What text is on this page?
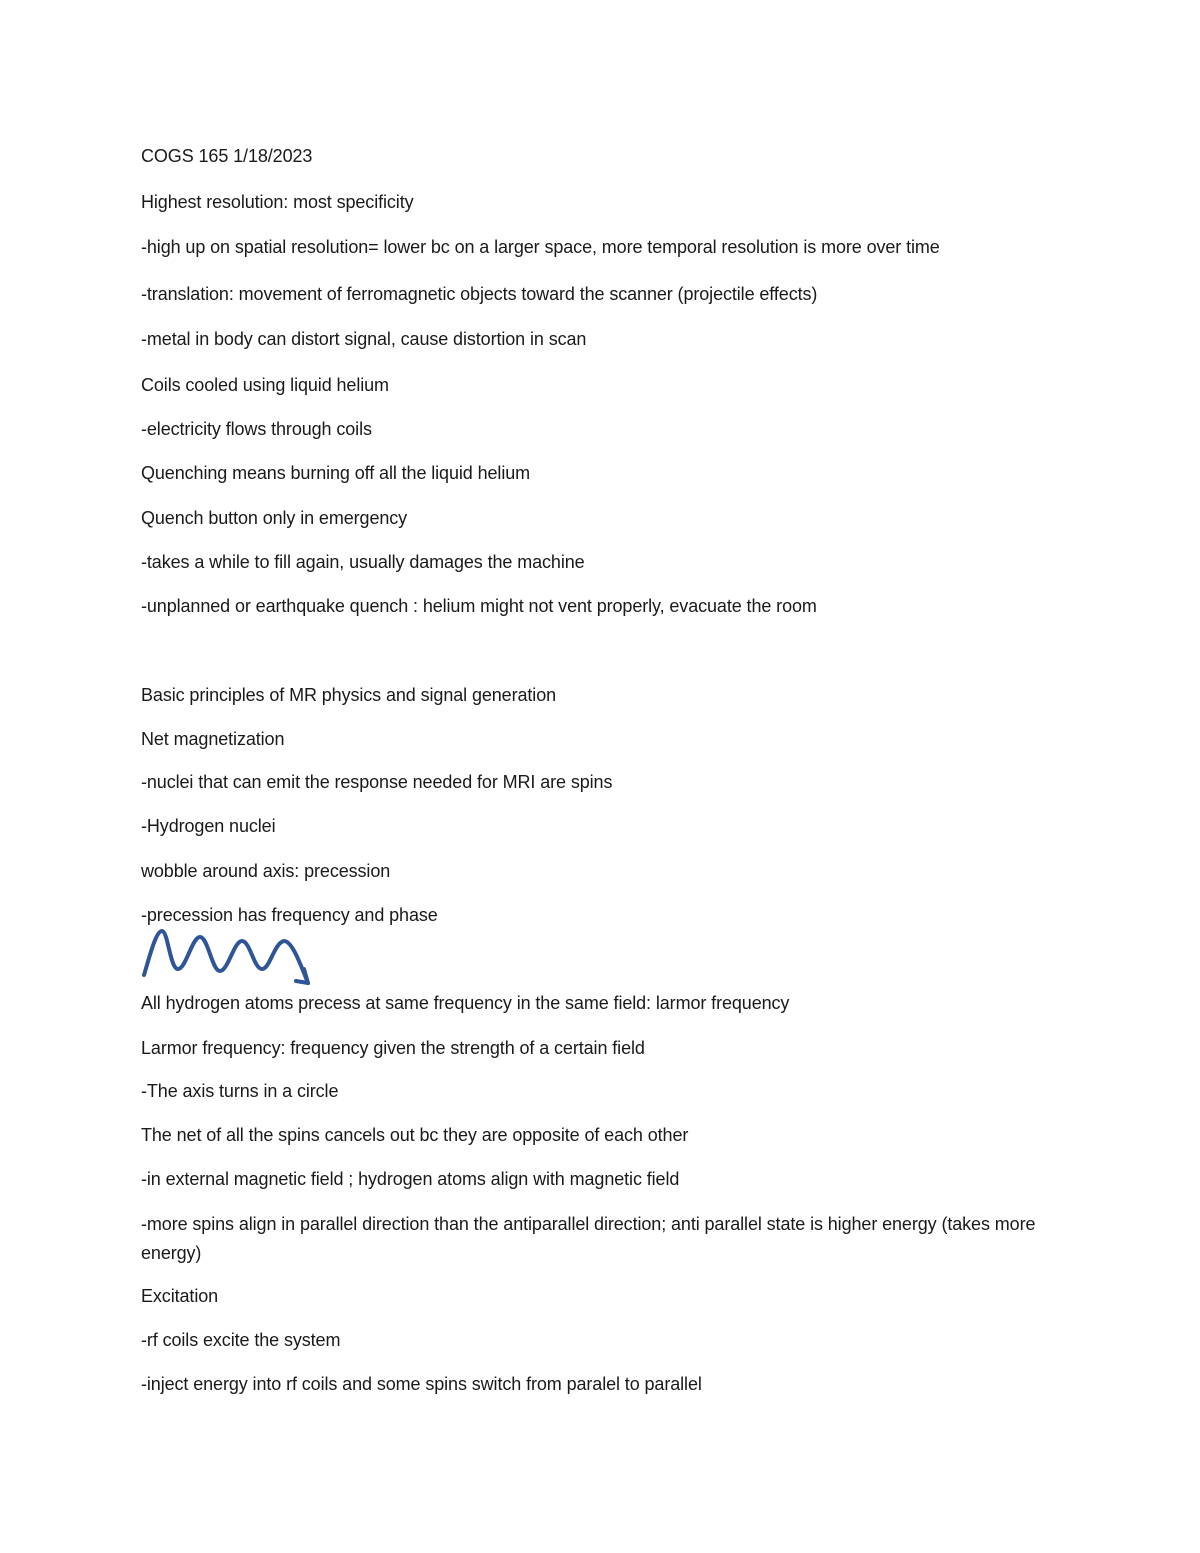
COGS 165 1/18/2023
Highest resolution: most specificity
-high up on spatial resolution= lower bc on a larger space, more temporal resolution is more over time
-translation: movement of ferromagnetic objects toward the scanner (projectile effects)
-metal in body can distort signal, cause distortion in scan
Coils cooled using liquid helium
-electricity flows through coils
Quenching means burning off all the liquid helium
Quench button only in emergency
-takes a while to fill again, usually damages the machine
-unplanned or earthquake quench : helium might not vent properly, evacuate the room
Basic principles of MR physics and signal generation
Net magnetization
-nuclei that can emit the response needed for MRI are spins
-Hydrogen nuclei
wobble around axis: precession
-precession has frequency and phase
All hydrogen atoms precess at same frequency in the same field: larmor frequency
Larmor frequency: frequency given the strength of a certain field
-The axis turns in a circle
The net of all the spins cancels out bc they are opposite of each other
-in external magnetic field ; hydrogen atoms align with magnetic field
-more spins align in parallel direction than the antiparallel direction; anti parallel state is higher energy (takes more energy)
Excitation
-rf coils excite the system
-inject energy into rf coils and some spins switch from paralel to parallel
